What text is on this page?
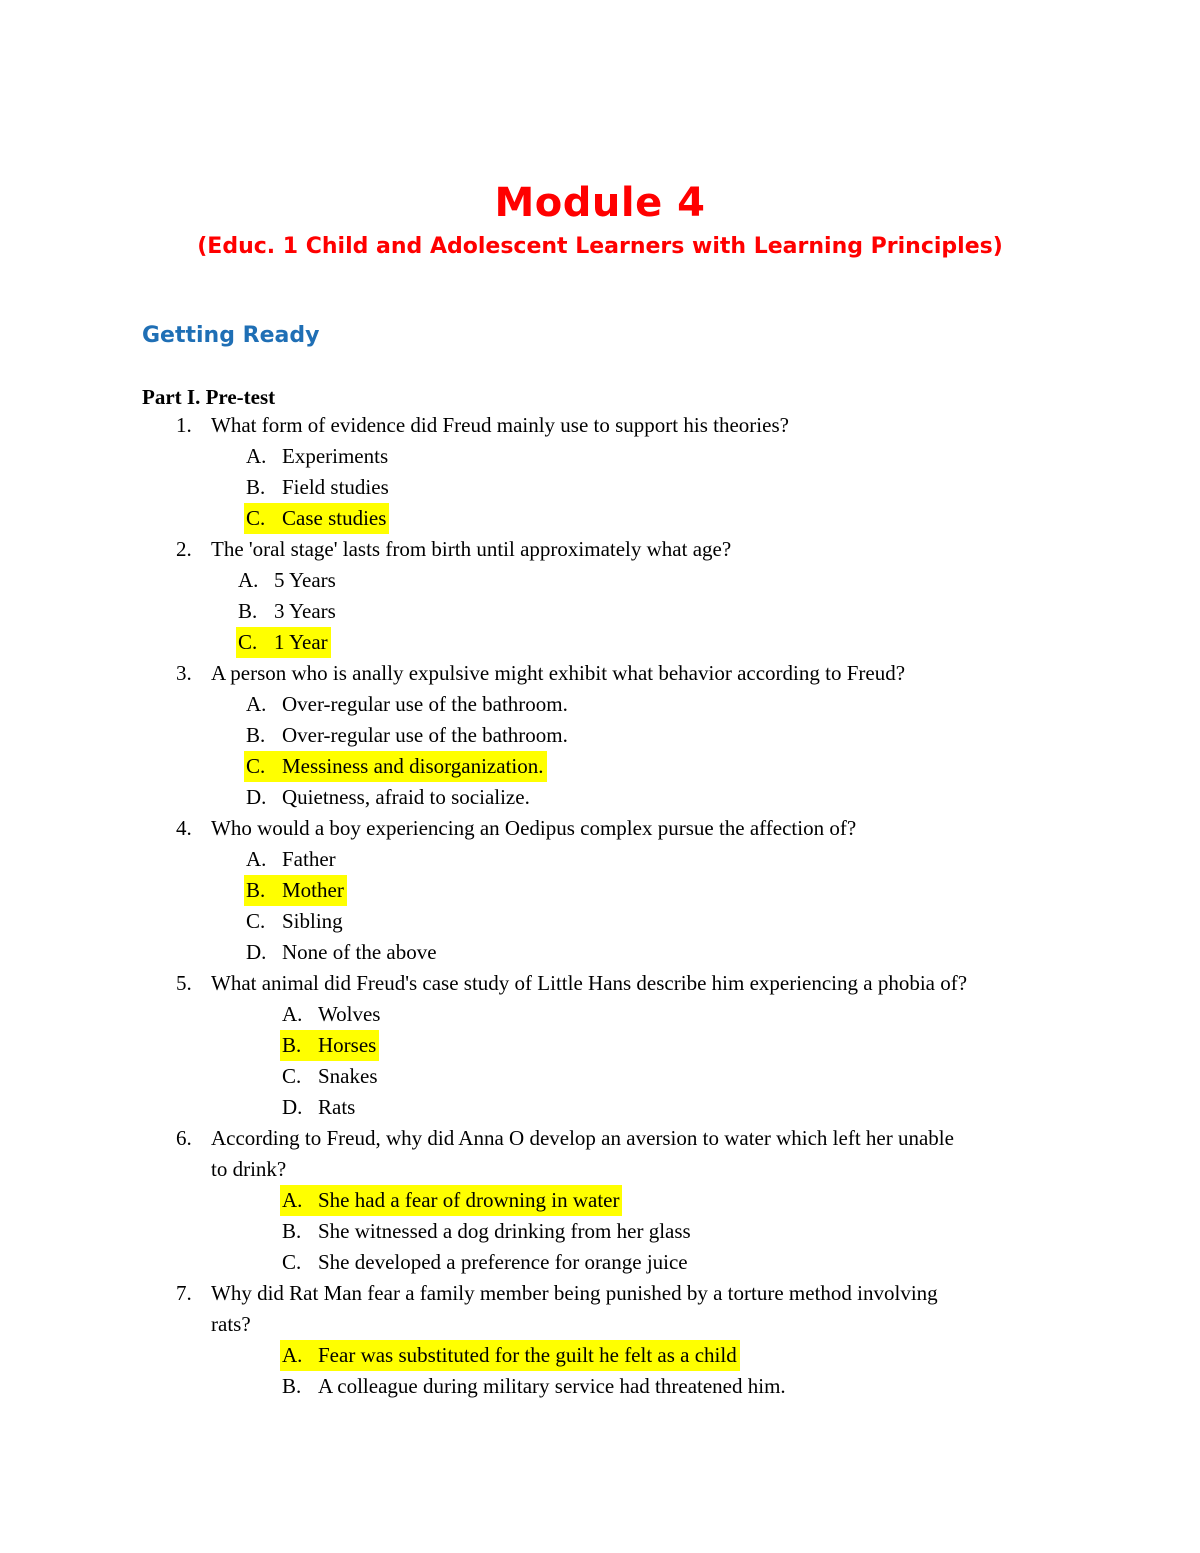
Module 4
(Educ. 1 Child and Adolescent Learners with Learning Principles)
Getting Ready
Part I. Pre-test
1. What form of evidence did Freud mainly use to support his theories?
A. Experiments
B. Field studies
C. Case studies
2. The 'oral stage' lasts from birth until approximately what age?
A. 5 Years
B. 3 Years
C. 1 Year
3. A person who is anally expulsive might exhibit what behavior according to Freud?
A. Over-regular use of the bathroom.
B. Over-regular use of the bathroom.
C. Messiness and disorganization.
D. Quietness, afraid to socialize.
4. Who would a boy experiencing an Oedipus complex pursue the affection of?
A. Father
B. Mother
C. Sibling
D. None of the above
5. What animal did Freud's case study of Little Hans describe him experiencing a phobia of?
A. Wolves
B. Horses
C. Snakes
D. Rats
6. According to Freud, why did Anna O develop an aversion to water which left her unable
to drink?
A. She had a fear of drowning in water
B. She witnessed a dog drinking from her glass
C. She developed a preference for orange juice
7. Why did Rat Man fear a family member being punished by a torture method involving
rats?
A. Fear was substituted for the guilt he felt as a child
B. A colleague during military service had threatened him.
